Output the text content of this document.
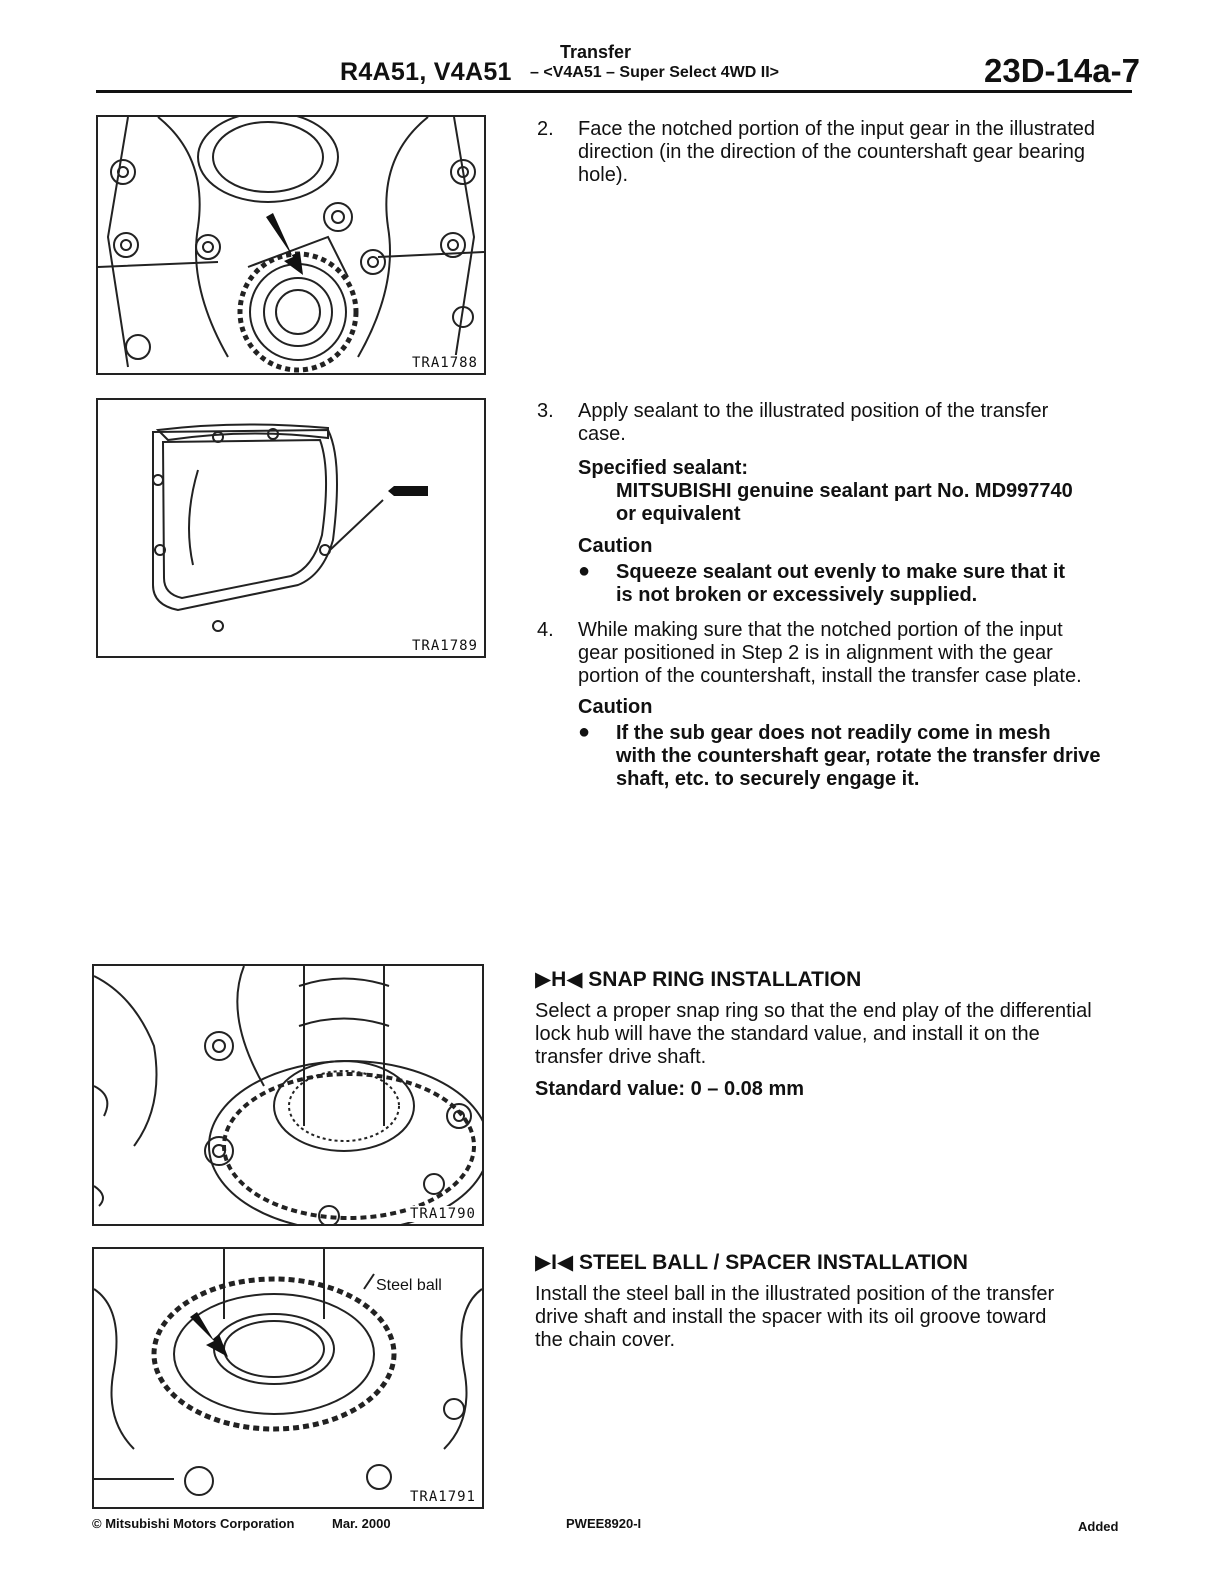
R4A51, V4A51
Transfer
– <V4A51 – Super Select 4WD II>	23D-14a-7
TRA1788
TRA1789
TRA1790
Steel ball
TRA1791
2. Face the notched portion of the input gear in the illustrated
direction (in the direction of the countershaft gear bearing
hole).
3. Apply sealant to the illustrated position of the transfer
case.
Specified sealant:
MITSUBISHI genuine sealant part No. MD997740
or equivalent
Caution
● Squeeze sealant out evenly to make sure that it
is not broken or excessively supplied.
4. While making sure that the notched portion of the input
gear positioned in Step 2 is in alignment with the gear
portion of the countershaft, install the transfer case plate.
Caution
● If the sub gear does not readily come in mesh
with the countershaft gear, rotate the transfer drive
shaft, etc. to securely engage it.
▶H◀ SNAP RING INSTALLATION
Select a proper snap ring so that the end play of the differential
lock hub will have the standard value, and install it on the
transfer drive shaft.
Standard value: 0 – 0.08 mm
▶I◀ STEEL BALL / SPACER INSTALLATION
Install the steel ball in the illustrated position of the transfer
drive shaft and install the spacer with its oil groove toward
the chain cover.
© Mitsubishi Motors Corporation	Mar. 2000	PWEE8920-I	Added
